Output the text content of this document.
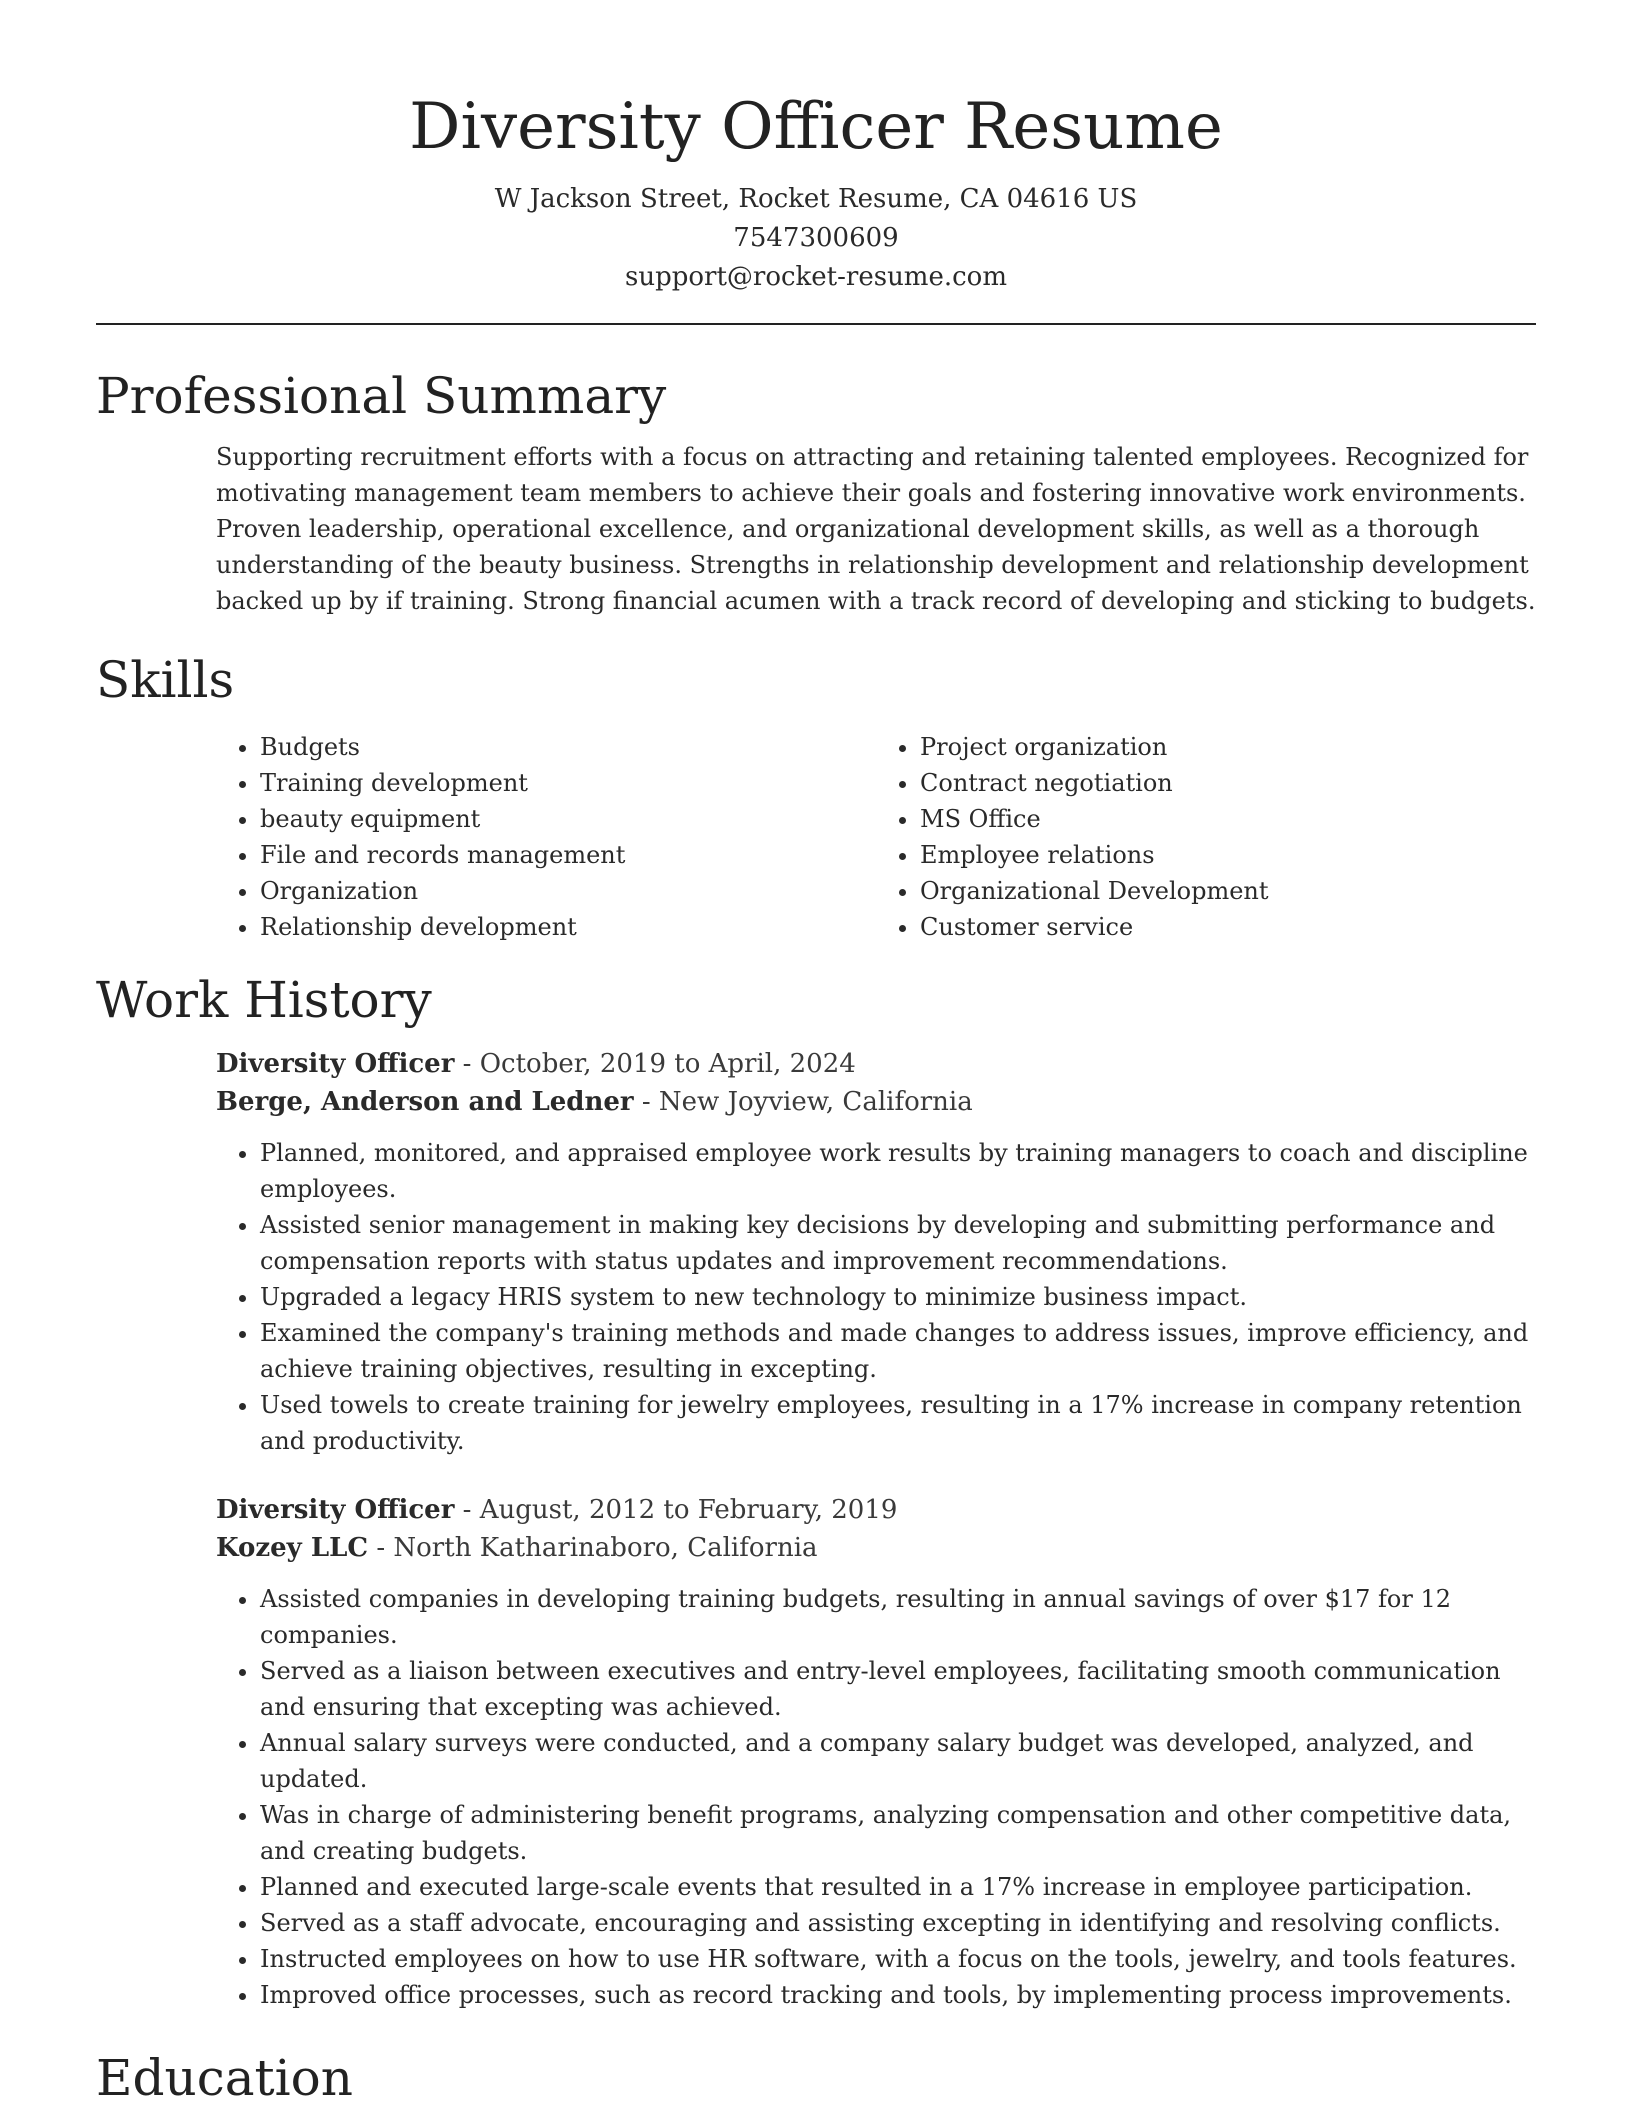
Diversity Officer Resume
W Jackson Street, Rocket Resume, CA 04616 US
7547300609
support@rocket-resume.com
Professional Summary
Supporting recruitment efforts with a focus on attracting and retaining talented employees. Recognized for motivating management team members to achieve their goals and fostering innovative work environments. Proven leadership, operational excellence, and organizational development skills, as well as a thorough understanding of the beauty business. Strengths in relationship development and relationship development backed up by if training. Strong financial acumen with a track record of developing and sticking to budgets.
Skills
• Budgets
• Training development
• beauty equipment
• File and records management
• Organization
• Relationship development
• Project organization
• Contract negotiation
• MS Office
• Employee relations
• Organizational Development
• Customer service
Work History
Diversity Officer - October, 2019 to April, 2024
Berge, Anderson and Ledner - New Joyview, California
• Planned, monitored, and appraised employee work results by training managers to coach and discipline employees.
• Assisted senior management in making key decisions by developing and submitting performance and compensation reports with status updates and improvement recommendations.
• Upgraded a legacy HRIS system to new technology to minimize business impact.
• Examined the company's training methods and made changes to address issues, improve efficiency, and achieve training objectives, resulting in excepting.
• Used towels to create training for jewelry employees, resulting in a 17% increase in company retention and productivity.
Diversity Officer - August, 2012 to February, 2019
Kozey LLC - North Katharinaboro, California
• Assisted companies in developing training budgets, resulting in annual savings of over $17 for 12 companies.
• Served as a liaison between executives and entry-level employees, facilitating smooth communication and ensuring that excepting was achieved.
• Annual salary surveys were conducted, and a company salary budget was developed, analyzed, and updated.
• Was in charge of administering benefit programs, analyzing compensation and other competitive data, and creating budgets.
• Planned and executed large-scale events that resulted in a 17% increase in employee participation.
• Served as a staff advocate, encouraging and assisting excepting in identifying and resolving conflicts.
• Instructed employees on how to use HR software, with a focus on the tools, jewelry, and tools features.
• Improved office processes, such as record tracking and tools, by implementing process improvements.
Education
